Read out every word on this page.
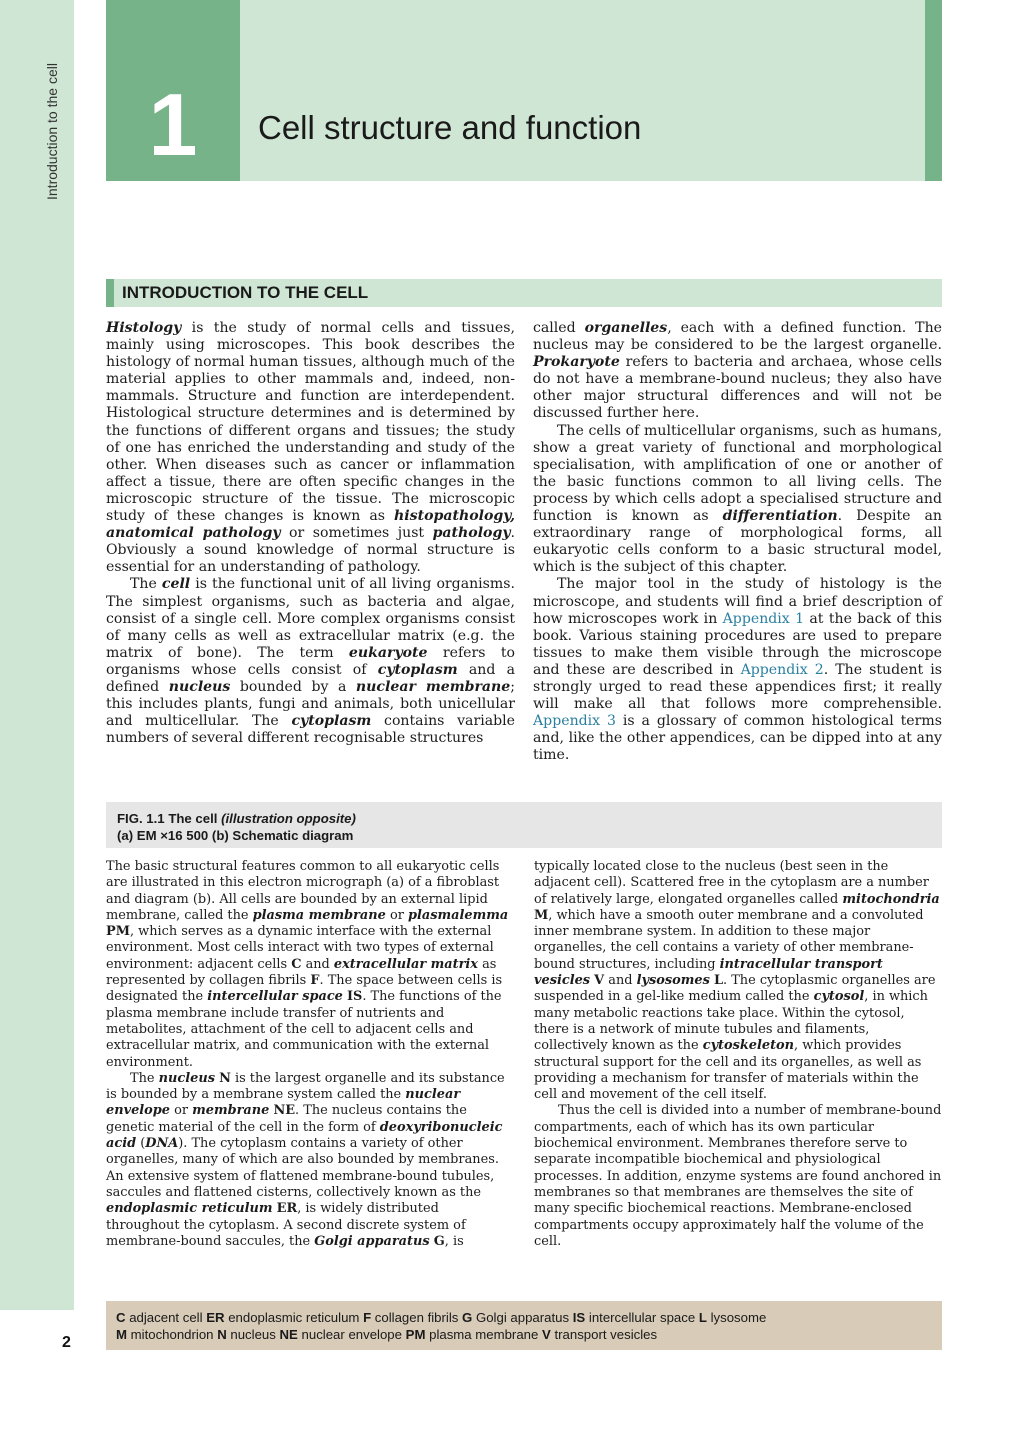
Introduction to the cell
2
1	Cell structure and function
INTRODUCTION TO THE CELL

Histology is the study of normal cells and tissues, mainly using microscopes. This book describes the histology of normal human tissues, although much of the material applies to other mammals and, indeed, non-mammals. Structure and function are interdependent. Histological structure determines and is determined by the functions of different organs and tissues; the study of one has enriched the understanding and study of the other. When diseases such as cancer or inflammation affect a tissue, there are often specific changes in the microscopic structure of the tissue. The microscopic study of these changes is known as histopathology, anatomical pathology or sometimes just pathology. Obviously a sound knowledge of normal structure is essential for an understanding of pathology.

The cell is the functional unit of all living organisms. The simplest organisms, such as bacteria and algae, consist of a single cell. More complex organisms consist of many cells as well as extracellular matrix (e.g. the matrix of bone). The term eukaryote refers to organisms whose cells consist of cytoplasm and a defined nucleus bounded by a nuclear membrane; this includes plants, fungi and animals, both unicellular and multicellular. The cytoplasm contains variable numbers of several different recognisable structures

called organelles, each with a defined function. The nucleus may be considered to be the largest organelle. Prokaryote refers to bacteria and archaea, whose cells do not have a membrane-bound nucleus; they also have other major structural differences and will not be discussed further here.

The cells of multicellular organisms, such as humans, show a great variety of functional and morphological specialisation, with amplification of one or another of the basic functions common to all living cells. The process by which cells adopt a specialised structure and function is known as differentiation. Despite an extraordinary range of morphological forms, all eukaryotic cells conform to a basic structural model, which is the subject of this chapter.

The major tool in the study of histology is the microscope, and students will find a brief description of how microscopes work in Appendix 1 at the back of this book. Various staining procedures are used to prepare tissues to make them visible through the microscope and these are described in Appendix 2. The student is strongly urged to read these appendices first; it really will make all that follows more comprehensible. Appendix 3 is a glossary of common histological terms and, like the other appendices, can be dipped into at any time.

FIG. 1.1 The cell (illustration opposite)
(a) EM ×16 500 (b) Schematic diagram

The basic structural features common to all eukaryotic cells are illustrated in this electron micrograph (a) of a fibroblast and diagram (b). All cells are bounded by an external lipid membrane, called the plasma membrane or plasmalemma PM, which serves as a dynamic interface with the external environment. Most cells interact with two types of external environment: adjacent cells C and extracellular matrix as represented by collagen fibrils F. The space between cells is designated the intercellular space IS. The functions of the plasma membrane include transfer of nutrients and metabolites, attachment of the cell to adjacent cells and extracellular matrix, and communication with the external environment.

The nucleus N is the largest organelle and its substance is bounded by a membrane system called the nuclear envelope or membrane NE. The nucleus contains the genetic material of the cell in the form of deoxyribonucleic acid (DNA). The cytoplasm contains a variety of other organelles, many of which are also bounded by membranes. An extensive system of flattened membrane-bound tubules, saccules and flattened cisterns, collectively known as the endoplasmic reticulum ER, is widely distributed throughout the cytoplasm. A second discrete system of membrane-bound saccules, the Golgi apparatus G, is

typically located close to the nucleus (best seen in the adjacent cell). Scattered free in the cytoplasm are a number of relatively large, elongated organelles called mitochondria M, which have a smooth outer membrane and a convoluted inner membrane system. In addition to these major organelles, the cell contains a variety of other membrane-bound structures, including intracellular transport vesicles V and lysosomes L. The cytoplasmic organelles are suspended in a gel-like medium called the cytosol, in which many metabolic reactions take place. Within the cytosol, there is a network of minute tubules and filaments, collectively known as the cytoskeleton, which provides structural support for the cell and its organelles, as well as providing a mechanism for transfer of materials within the cell and movement of the cell itself.

Thus the cell is divided into a number of membrane-bound compartments, each of which has its own particular biochemical environment. Membranes therefore serve to separate incompatible biochemical and physiological processes. In addition, enzyme systems are found anchored in membranes so that membranes are themselves the site of many specific biochemical reactions. Membrane-enclosed compartments occupy approximately half the volume of the cell.

C adjacent cell ER endoplasmic reticulum F collagen fibrils G Golgi apparatus IS intercellular space L lysosome
M mitochondrion N nucleus NE nuclear envelope PM plasma membrane V transport vesicles
